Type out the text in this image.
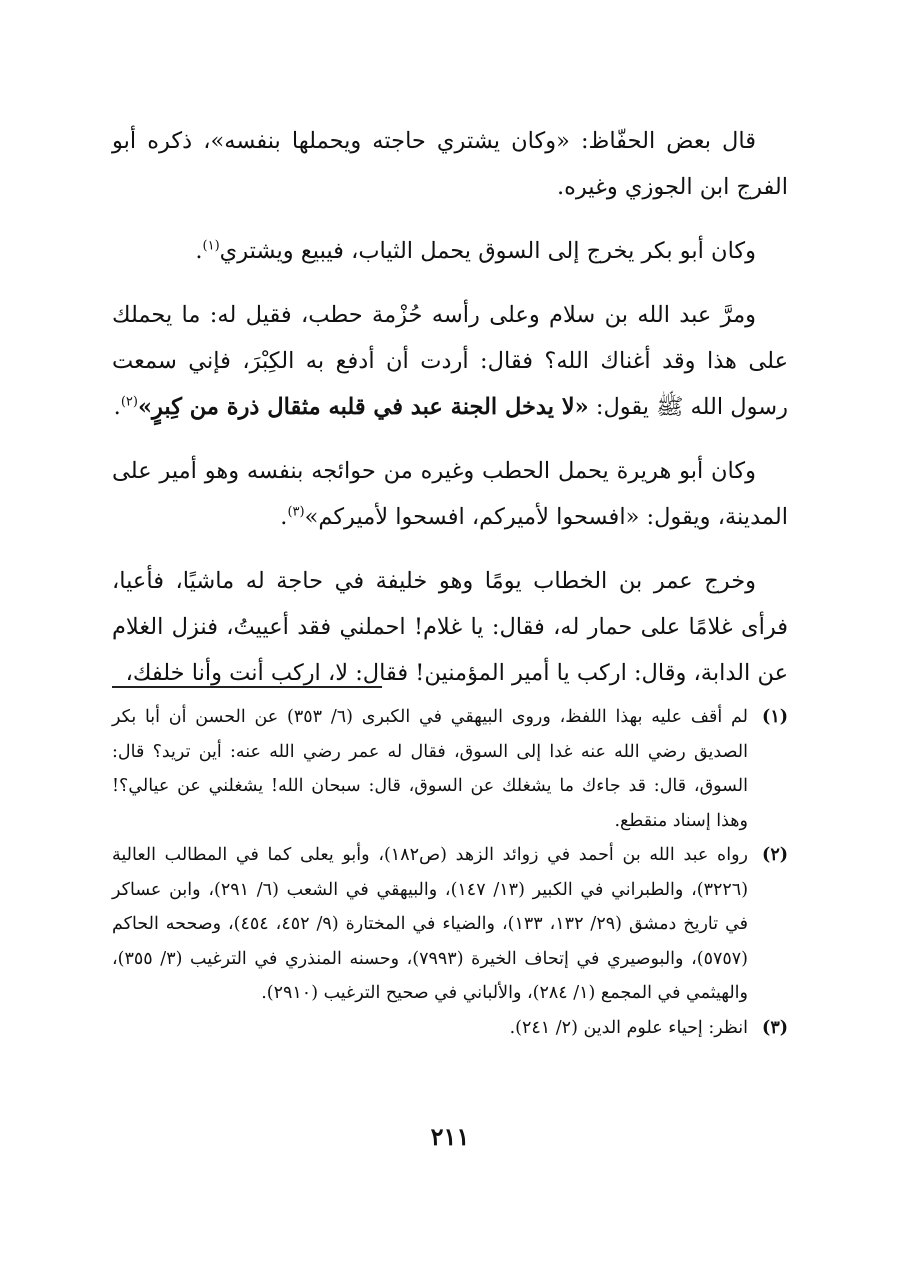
قال بعض الحفّاظ: «وكان يشتري حاجته ويحملها بنفسه»، ذكره أبو الفرج ابن الجوزي وغيره.

وكان أبو بكر يخرج إلى السوق يحمل الثياب، فيبيع ويشتري$^{(١)}$.

ومرَّ عبد الله بن سلام وعلى رأسه حُزْمة حطب، فقيل له: ما يحملك على هذا وقد أغناك الله؟ فقال: أردت أن أدفع به الكِبْرَ، فإني سمعت رسول الله ﷺ يقول: «لا يدخل الجنة عبد في قلبه مثقال ذرة من كِبرٍ»$^{(٢)}$.

وكان أبو هريرة يحمل الحطب وغيره من حوائجه بنفسه وهو أمير على المدينة، ويقول: «افسحوا لأميركم، افسحوا لأميركم»$^{(٣)}$.

وخرج عمر بن الخطاب يومًا وهو خليفة في حاجة له ماشيًا، فأعيا، فرأى غلامًا على حمار له، فقال: يا غلام! احملني فقد أعييتُ، فنزل الغلام عن الدابة، وقال: اركب يا أمير المؤمنين! فقال: لا، اركب أنت وأنا خلفك،

(١)
لم أقف عليه بهذا اللفظ، وروى البيهقي في الكبرى (٦/ ٣٥٣) عن الحسن أن أبا بكر الصديق رضي الله عنه غدا إلى السوق، فقال له عمر رضي الله عنه: أين تريد؟ قال: السوق، قال: قد جاءك ما يشغلك عن السوق، قال: سبحان الله! يشغلني عن عيالي؟! وهذا إسناد منقطع.
(٢)
رواه عبد الله بن أحمد في زوائد الزهد (ص١٨٢)، وأبو يعلى كما في المطالب العالية (٣٢٢٦)، والطبراني في الكبير (١٣/ ١٤٧)، والبيهقي في الشعب (٦/ ٢٩١)، وابن عساكر في تاريخ دمشق (٢٩/ ١٣٢، ١٣٣)، والضياء في المختارة (٩/ ٤٥٢، ٤٥٤)، وصححه الحاكم (٥٧٥٧)، والبوصيري في إتحاف الخيرة (٧٩٩٣)، وحسنه المنذري في الترغيب (٣/ ٣٥٥)، والهيثمي في المجمع (١/ ٢٨٤)، والألباني في صحيح الترغيب (٢٩١٠).
(٣)
انظر: إحياء علوم الدين (٢/ ٢٤١).
٢١١
